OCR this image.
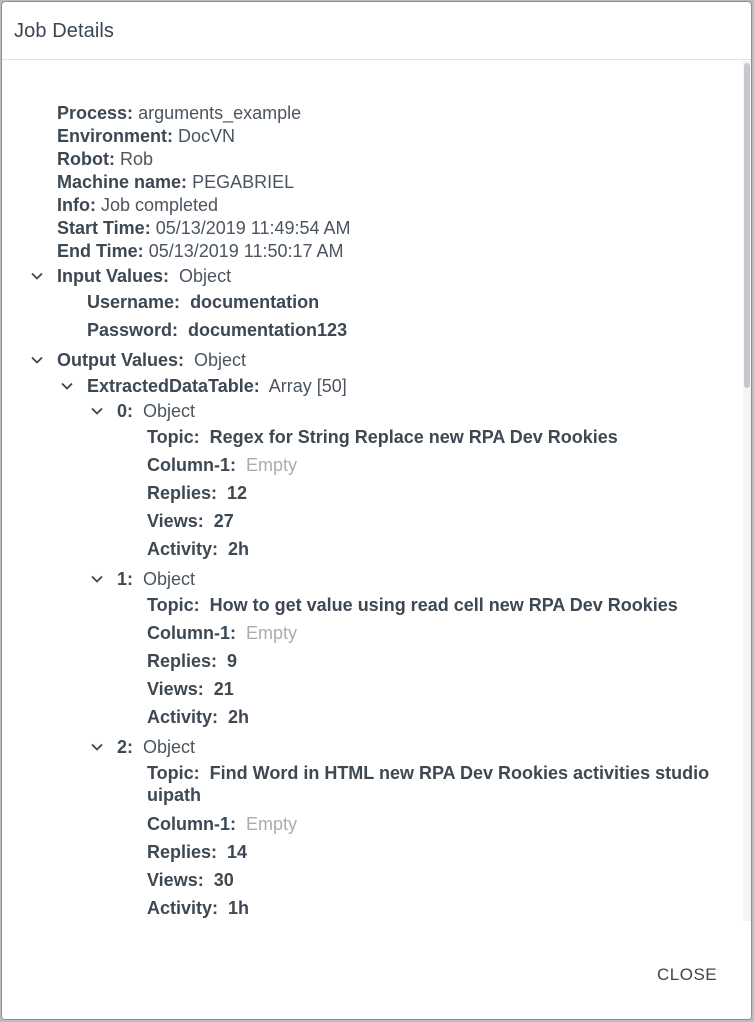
Job Details
Process: arguments_example
Environment: DocVN
Robot: Rob
Machine name: PEGABRIEL
Info: Job completed
Start Time: 05/13/2019 11:49:54 AM
End Time: 05/13/2019 11:50:17 AM
Input Values: Object
Username: documentation
Password: documentation123
Output Values: Object
ExtractedDataTable: Array [50]
0: Object
Topic: Regex for String Replace new RPA Dev Rookies
Column-1: Empty
Replies: 12
Views: 27
Activity: 2h
1: Object
Topic: How to get value using read cell new RPA Dev Rookies
Column-1: Empty
Replies: 9
Views: 21
Activity: 2h
2: Object
Topic: Find Word in HTML new RPA Dev Rookies activities studio uipath
Column-1: Empty
Replies: 14
Views: 30
Activity: 1h
CLOSE
